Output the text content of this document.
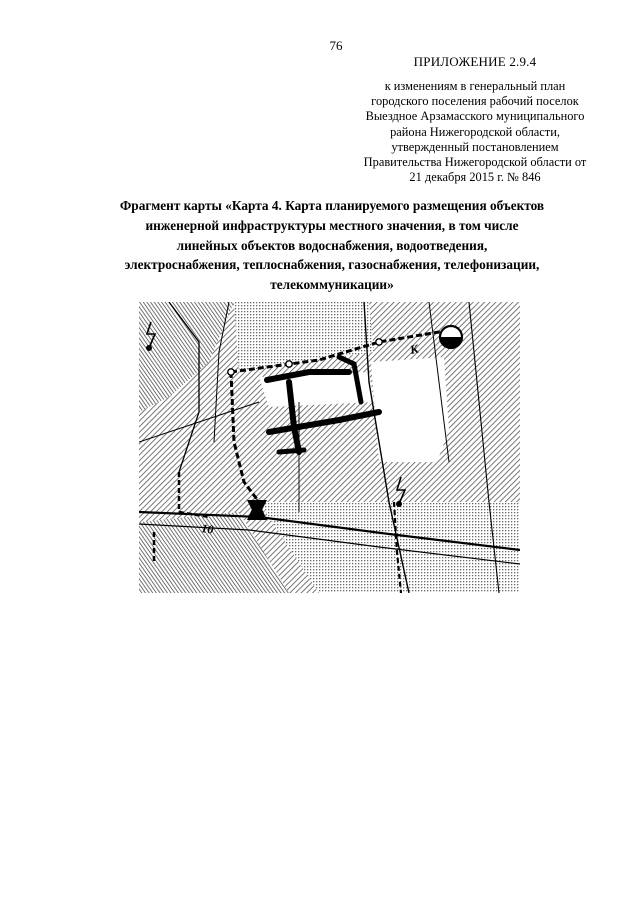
76
ПРИЛОЖЕНИЕ 2.9.4
к изменениям в генеральный план
городского поселения рабочий поселок
Выездное Арзамасского муниципального
района Нижегородской области,
утвержденный постановлением
Правительства Нижегородской области от
21 декабря 2015 г. № 846
Фрагмент карты «Карта 4. Карта планируемого размещения объектов
инженерной инфраструктуры местного значения, в том числе
линейных объектов водоснабжения, водоотведения,
электроснабжения, теплоснабжения, газоснабжения, телефонизации,
телекоммуникации»
К
10
